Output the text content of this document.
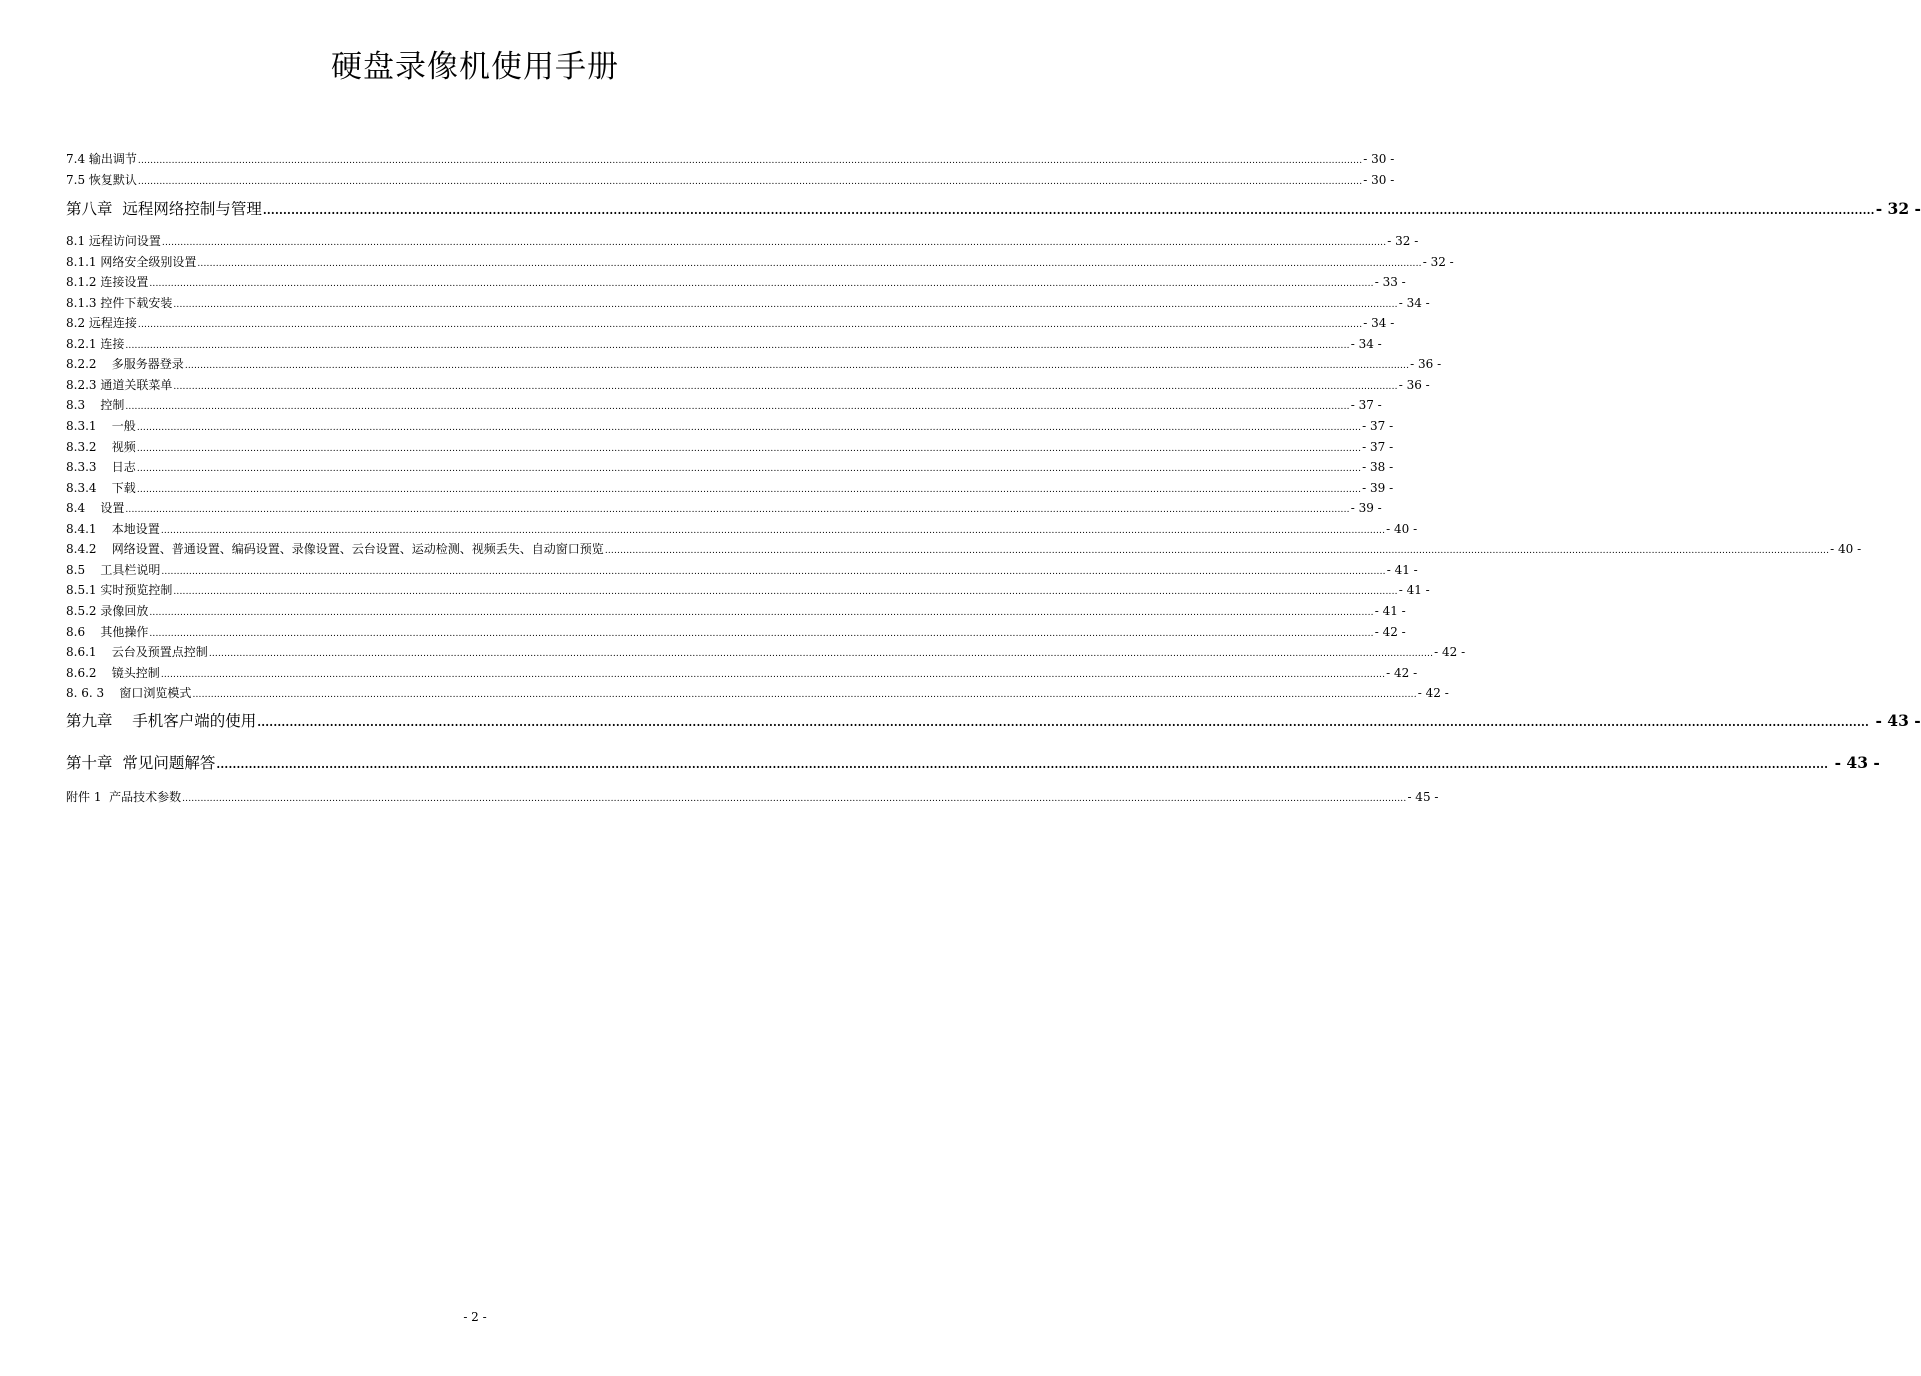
硬盘录像机使用手册
7.4 输出调节 ................................................................................................................................................................................................................................................................................................................................................................................................................ - 30 -
7.5 恢复默认 ................................................................................................................................................................................................................................................................................................................................................................................................................ - 30 -
第八章  远程网络控制与管理 ................................................................................................................................................................................................................................................................................................................................................................................................................ - 32 -
8.1 远程访问设置 ................................................................................................................................................................................................................................................................................................................................................................................................................ - 32 -
8.1.1 网络安全级别设置 ................................................................................................................................................................................................................................................................................................................................................................................................................ - 32 -
8.1.2 连接设置 ................................................................................................................................................................................................................................................................................................................................................................................................................ - 33 -
8.1.3 控件下载安装 ................................................................................................................................................................................................................................................................................................................................................................................................................ - 34 -
8.2 远程连接 ................................................................................................................................................................................................................................................................................................................................................................................................................ - 34 -
8.2.1 连接 ................................................................................................................................................................................................................................................................................................................................................................................................................ - 34 -
8.2.2 多服务器登录 ................................................................................................................................................................................................................................................................................................................................................................................................................ - 36 -
8.2.3 通道关联菜单 ................................................................................................................................................................................................................................................................................................................................................................................................................ - 36 -
8.3 控制 ................................................................................................................................................................................................................................................................................................................................................................................................................ - 37 -
8.3.1 一般 ................................................................................................................................................................................................................................................................................................................................................................................................................ - 37 -
8.3.2 视频 ................................................................................................................................................................................................................................................................................................................................................................................................................ - 37 -
8.3.3 日志 ................................................................................................................................................................................................................................................................................................................................................................................................................ - 38 -
8.3.4 下载 ................................................................................................................................................................................................................................................................................................................................................................................................................ - 39 -
8.4 设置 ................................................................................................................................................................................................................................................................................................................................................................................................................ - 39 -
8.4.1 本地设置 ................................................................................................................................................................................................................................................................................................................................................................................................................ - 40 -
8.4.2 网络设置、普通设置、编码设置、录像设置、云台设置、运动检测、视频丢失、自动窗口预览 ................................................................................................................................................................................................................................................................................................................................................................................................................ - 40 -
8.5 工具栏说明 ................................................................................................................................................................................................................................................................................................................................................................................................................ - 41 -
8.5.1 实时预览控制 ................................................................................................................................................................................................................................................................................................................................................................................................................ - 41 -
8.5.2 录像回放 ................................................................................................................................................................................................................................................................................................................................................................................................................ - 41 -
8.6 其他操作 ................................................................................................................................................................................................................................................................................................................................................................................................................ - 42 -
8.6.1 云台及预置点控制 ................................................................................................................................................................................................................................................................................................................................................................................................................ - 42 -
8.6.2 镜头控制 ................................................................................................................................................................................................................................................................................................................................................................................................................ - 42 -
8. 6. 3 窗口浏览模式 ................................................................................................................................................................................................................................................................................................................................................................................................................ - 42 -
第九章    手机客户端的使用 ................................................................................................................................................................................................................................................................................................................................................................................................................ - 43 -
第十章  常见问题解答 ................................................................................................................................................................................................................................................................................................................................................................................................................ - 43 -
附件 1  产品技术参数 ................................................................................................................................................................................................................................................................................................................................................................................................................ - 45 -
- 2 -
